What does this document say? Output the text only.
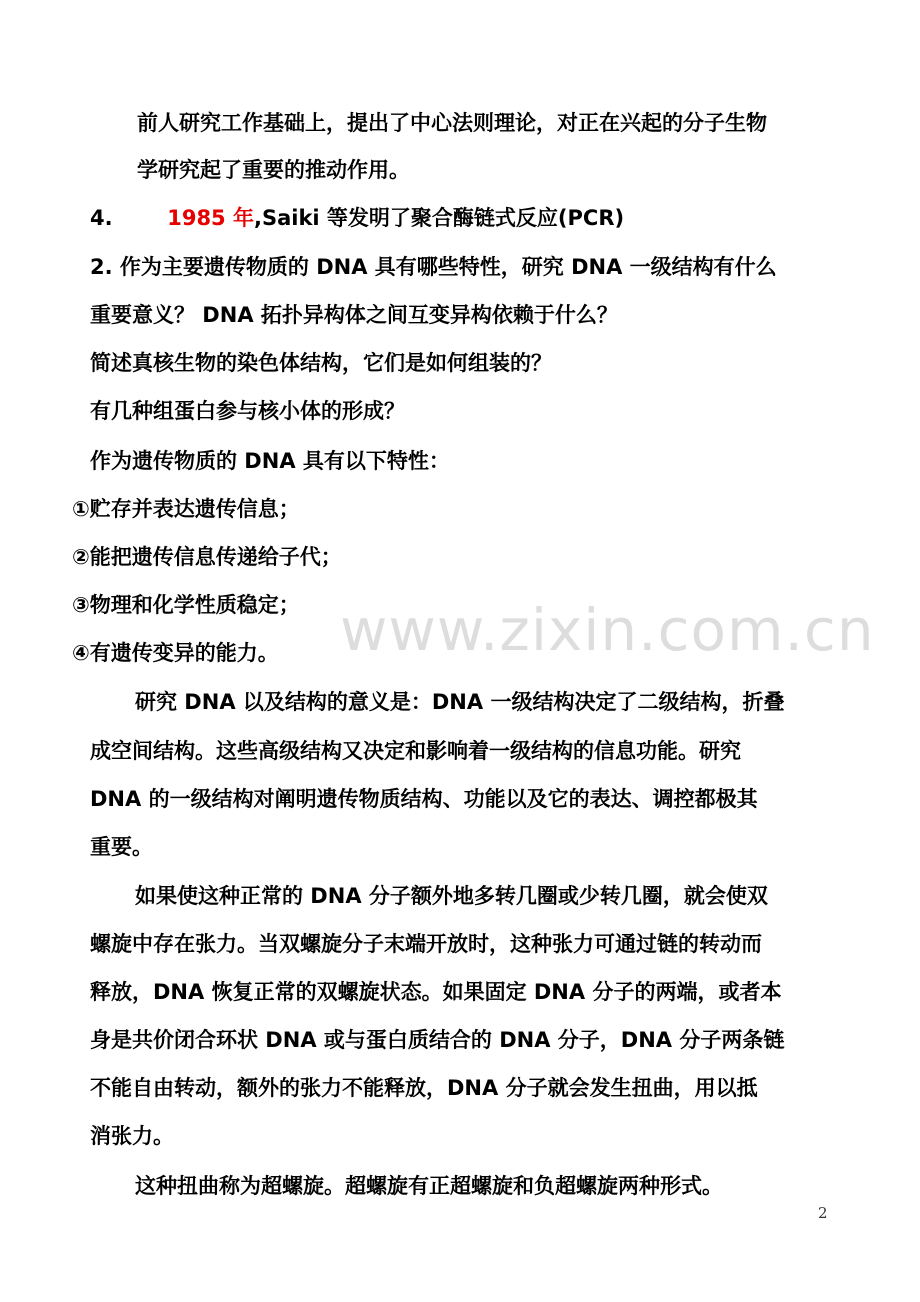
前人研究工作基础上，提出了中心法则理论，对正在兴起的分子生物
学研究起了重要的推动作用。
4.	1985 年,Saiki 等发明了聚合酶链式反应(PCR)
2. 作为主要遗传物质的 DNA 具有哪些特性，研究 DNA 一级结构有什么
重要意义？ DNA 拓扑异构体之间互变异构依赖于什么？
简述真核生物的染色体结构，它们是如何组装的？
有几种组蛋白参与核小体的形成？
作为遗传物质的 DNA 具有以下特性：
①贮存并表达遗传信息；
②能把遗传信息传递给子代；
③物理和化学性质稳定；
④有遗传变异的能力。
研究 DNA 以及结构的意义是：DNA 一级结构决定了二级结构，折叠
成空间结构。这些高级结构又决定和影响着一级结构的信息功能。研究
DNA 的一级结构对阐明遗传物质结构、功能以及它的表达、调控都极其
重要。
如果使这种正常的 DNA 分子额外地多转几圈或少转几圈，就会使双
螺旋中存在张力。当双螺旋分子末端开放时，这种张力可通过链的转动而
释放，DNA 恢复正常的双螺旋状态。如果固定 DNA 分子的两端，或者本
身是共价闭合环状 DNA 或与蛋白质结合的 DNA 分子，DNA 分子两条链
不能自由转动，额外的张力不能释放，DNA 分子就会发生扭曲，用以抵
消张力。
这种扭曲称为超螺旋。超螺旋有正超螺旋和负超螺旋两种形式。
www.zixin.com.cn
2
